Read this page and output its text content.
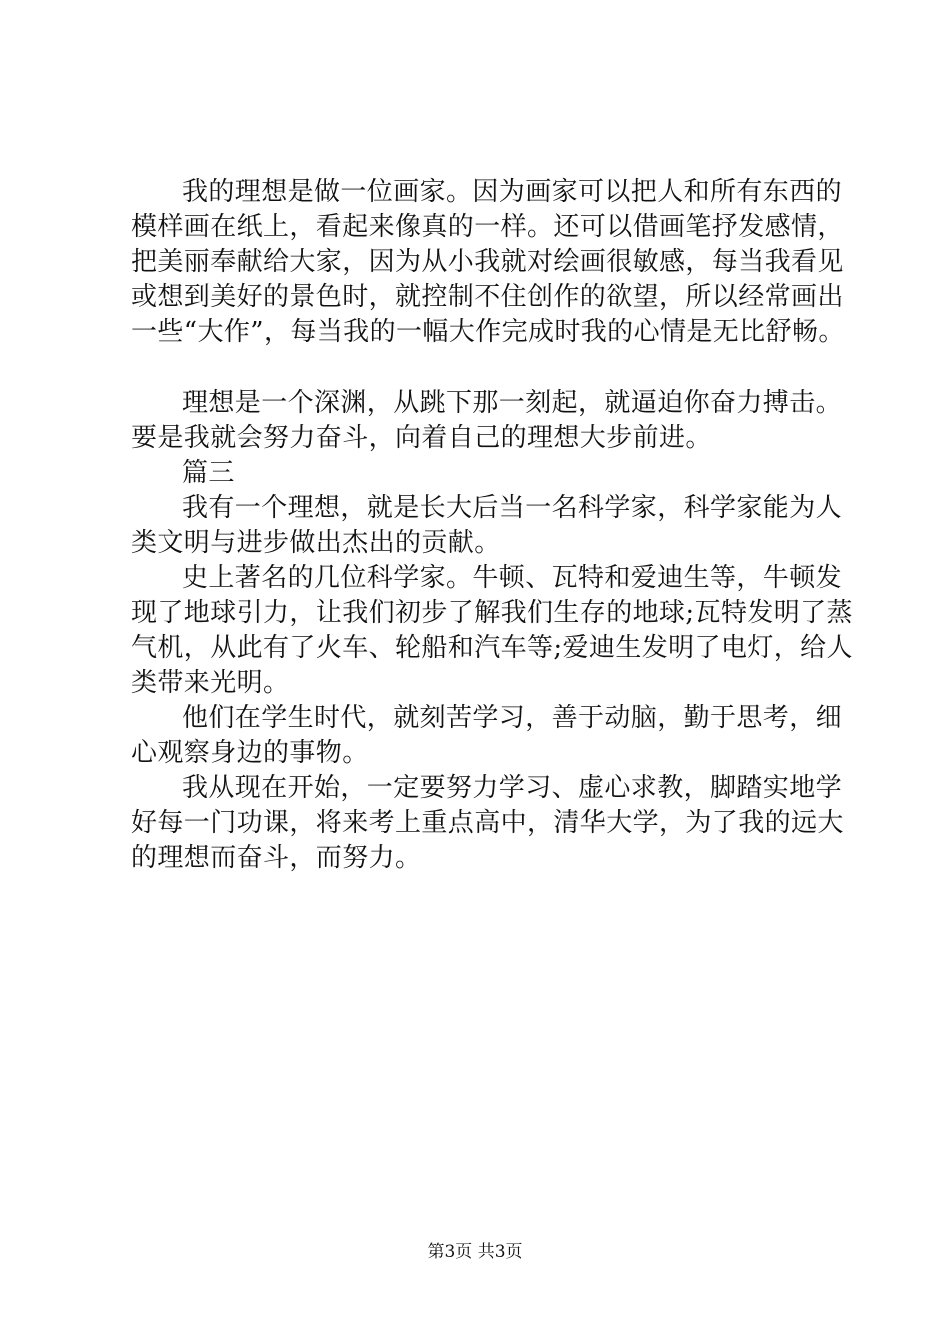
我的理想是做一位画家。因为画家可以把人和所有东西的
模样画在纸上，看起来像真的一样。还可以借画笔抒发感情，
把美丽奉献给大家，因为从小我就对绘画很敏感，每当我看见
或想到美好的景色时，就控制不住创作的欲望，所以经常画出
一些“大作”，每当我的一幅大作完成时我的心情是无比舒畅。
理想是一个深渊，从跳下那一刻起，就逼迫你奋力搏击。
要是我就会努力奋斗，向着自己的理想大步前进。
篇三
我有一个理想，就是长大后当一名科学家，科学家能为人
类文明与进步做出杰出的贡献。
史上著名的几位科学家。牛顿、瓦特和爱迪生等，牛顿发
现了地球引力，让我们初步了解我们生存的地球;瓦特发明了蒸
气机，从此有了火车、轮船和汽车等;爱迪生发明了电灯，给人
类带来光明。
他们在学生时代，就刻苦学习，善于动脑，勤于思考，细
心观察身边的事物。
我从现在开始，一定要努力学习、虚心求教，脚踏实地学
好每一门功课，将来考上重点高中，清华大学，为了我的远大
的理想而奋斗，而努力。
第3页 共3页
